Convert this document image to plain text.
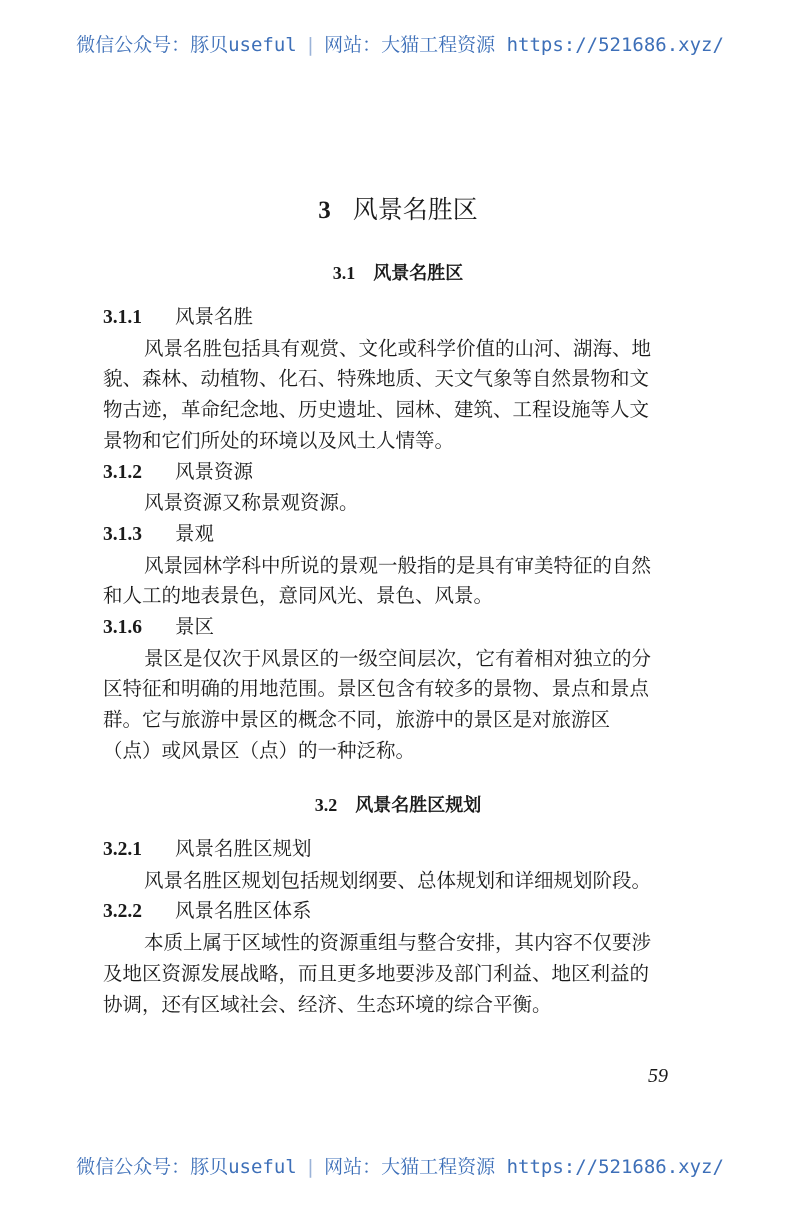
微信公众号：豚贝useful | 网站：大猫工程资源 https://521686.xyz/
3 风景名胜区
3.1 风景名胜区
3.1.1 风景名胜
风景名胜包括具有观赏、文化或科学价值的山河、湖海、地
貌、森林、动植物、化石、特殊地质、天文气象等自然景物和文
物古迹，革命纪念地、历史遗址、园林、建筑、工程设施等人文
景物和它们所处的环境以及风土人情等。
3.1.2 风景资源
风景资源又称景观资源。
3.1.3 景观
风景园林学科中所说的景观一般指的是具有审美特征的自然
和人工的地表景色，意同风光、景色、风景。
3.1.6 景区
景区是仅次于风景区的一级空间层次，它有着相对独立的分
区特征和明确的用地范围。景区包含有较多的景物、景点和景点
群。它与旅游中景区的概念不同，旅游中的景区是对旅游区
（点）或风景区（点）的一种泛称。
3.2 风景名胜区规划
3.2.1 风景名胜区规划
风景名胜区规划包括规划纲要、总体规划和详细规划阶段。
3.2.2 风景名胜区体系
本质上属于区域性的资源重组与整合安排，其内容不仅要涉
及地区资源发展战略，而且更多地要涉及部门利益、地区利益的
协调，还有区域社会、经济、生态环境的综合平衡。
59
微信公众号：豚贝useful | 网站：大猫工程资源 https://521686.xyz/
